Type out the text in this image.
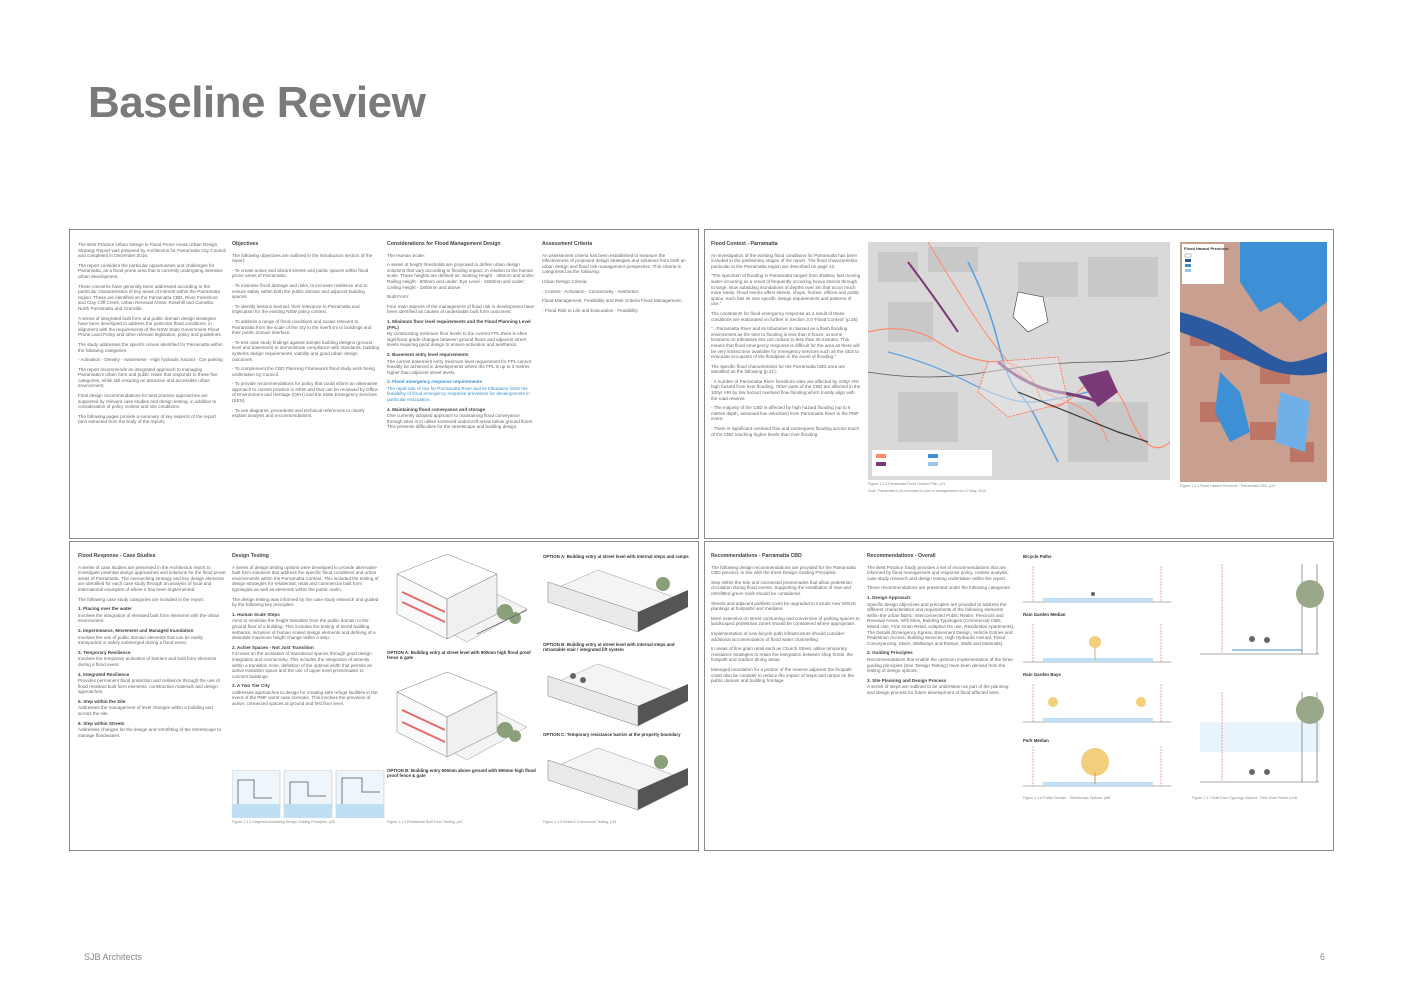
Baseline Review

The Best Practice Urban Design in Flood Prone Areas Urban Design Strategy Report was prepared by Architectus for Parramatta City Council and completed in December 2016.

The report considers the particular opportunities and challenges for Parramatta, as a flood prone area that is currently undergoing intensive urban development.

These concerns have generally been addressed according to the particular characteristics of key areas of interest within the Parramatta region. These are identified as the Parramatta CBD, River Foreshore and Clay Cliff Creek, Urban Renewal Areas, Rosehill and Camellia, North Parramatta and Granville.

A series of integrated built form and public domain design strategies have been developed to address the particular flood conditions, in alignment with the requirements of the NSW State Government Flood Prone Land Policy and other relevant legislation, policy and guidelines.

The study addresses the specific issues identified for Parramatta within the following categories:

- Activation - Density - Awareness - High hydraulic hazard - Car parking

The report recommends an integrated approach to managing Parramatta's urban form and public realm that responds to these five categories, while still ensuring an attractive and accessible urban environment.

Final design recommendations for best practice approaches are supported by relevant case studies and design testing, in addition to consideration of policy context and site conditions.

The following pages provide a summary of key aspects of the report (text extracted from the body of the report).

Objectives

The following objectives are outlined in the introduction section of the report:

- To create active and vibrant streets and public spaces within flood prone areas of Parramatta.

- To minimise flood damage and risks, to increase resilience and to ensure safety within both the public domain and adjacent building spaces.

- To identify lessons learned, their relevance to Parramatta and implication for the existing NSW policy context.

- To address a range of flood conditions and scales relevant to Parramatta from the scale of the city to the riverfront to buildings and their public domain interface.

- To test case study findings against sample building designs (ground-level and basement) to demonstrate compliance with standards, building systems design requirements, viability and good urban design outcomes.

- To complement the CBD Planning Framework flood study work being undertaken by Council.

- To provide recommendations for policy that could inform an alternative approach to current practice in NSW and that can be reviewed by Office of Environment and Heritage (OEH) and the State Emergency Services (SES).

- To use diagrams, precedents and technical references to clearly explain analysis and recommendations.

Considerations for Flood Management Design

The Human Scale:

A series of height thresholds are proposed to define urban design solutions that vary according to flooding impact, in relation to the human scale. These heights are defined as: Seating Height - 450mm and under; Railing Height - 900mm and under; Eye Level - 1500mm and under; Ceiling Height - 1800mm and above

Built Form:

Four main aspects of the management of flood risk in development have been identified as causes of undesirable built form outcomes:

1. Minimum floor level requirements and the Flood Planning Level (FPL)

By constructing minimum floor levels to the current FPL there is often significant grade changes between ground floors and adjacent street levels requiring good design to ensure activation and aesthetics.

2. Basement entry level requirements

The current basement entry minimum level requirement for FPL cannot feasibly be achieved in developments where the FPL is up to 3 metres higher than adjacent street levels.

3. Flood emergency response requirements

The rapid rate of rise for Parramatta River and its tributaries limits the feasibility of flood emergency response provisions for developments in particular evacuation.

4. Maintaining flood conveyance and storage

One currently adopted approach to maintaining flood conveyance through sites is to utilise screened undercroft areas below ground floors. This presents difficulties for the streetscape and building design.

Assessment Criteria

An assessment criteria has been established to measure the effectiveness of proposed design strategies and solutions from both an urban design and flood risk management perspective. This criteria is categorised as the following:

Urban Design Criteria:

- Context - Activation - Connectivity - Aesthetics

Flood Management, Feasibility and Risk Criteria Flood Management:

- Flood Risk to Life and Evacuation - Feasibility

Flood Context - Parramatta

An investigation of the existing flood conditions for Parramatta has been included in the preliminary stages of the report. The flood characteristics particular to the Parramatta region are described on page 12:

"The spectrum of flooding in Parramatta ranges from shallow, fast moving water occurring as a result of frequently occurring heavy storms through to large, slow subsiding inundations of depths over 3m that occur much more rarely. Flood events affect streets, shops, homes, offices and public space, each has its own specific design requirements and patterns of use."

The constraints for flood emergency response as a result of these conditions are elaborated on further in Section 3.0 'Flood Context' (p.25):

"...Parramatta River and its tributaries is classed as a flash flooding environment as the time to flooding is less than 6 hours; at some locations on tributaries this can reduce to less than 30 minutes. This means that flood emergency response is difficult for the area as there will be very limited time available for emergency services such as the SES to evacuate occupants of the floodplain in the event of flooding."

The specific flood characteristics for the Parramatta CBD area are identified as the following (p.21):

- A number of Parramatta River foreshore sites are affected by 100yr ARI high hazard from river flooding. Other parts of the CBD are affected in the 100yr ARI by low hazard overland flow flooding which mostly align with the road reserve.

- The majority of the CBD is affected by high hazard flooding (up to 6 metres depth, assumed low velocities) from Parramatta River in the PMF event.

- There is significant overland flow and consequent flooding across much of the CBD reaching higher levels than river flooding.

Figure 1.1.2 Parramatta Flood Context Plan, p21
Note: Parramatta LGA boundary is prior to amalgamation on 12 May, 2016
Flood Hazard Precincts
Figure 1.1.1 Flood Hazard Precincts - Parramatta CBD, p24
Flood Response - Case Studies

A series of case studies are presented in the Architectus report to investigate potential design approaches and solutions for the flood prone areas of Parramatta. The overarching strategy and key design elements are identified for each case study through an analysis of local and international examples of where it has been implemented.

The following case study categories are included in the report:

1. Placing over the water

Involves the integration of elevated built form elements with the urban environment.

2. Impermeance, Movement and Managed Inundation

Involves the use of public domain elements that can be easily transported or safely submerged during a flood event.

3. Temporary Resilience

Involves the temporary activation of barriers and built form elements during a flood event.

4. Integrated Resilience

Provides permanent flood protection and resilience through the use of flood resistant built form elements, construction materials and design approaches.

5. Step within the Site

Addresses the management of level changes within a building and across the site.

6. Step within Streets

Addresses changes for the design and retrofitting of the streetscape to manage floodwaters.

Design Testing

A series of design testing options were developed to provide alternative built form solutions that address the specific flood conditions and urban environments within the Parramatta Context. This included the testing of design strategies for residential, retail and commercial built form typologies as well as elements within the public realm.

The design testing was informed by the case study research and guided by the following key principles:

1. Human Scale Steps

Aims to minimise the height transition from the public domain to the ground floor of a building. This includes the testing of tiered building setbacks, inclusion of human scaled design elements and defining of a desirable maximum height change within a step.

2. Active Spaces - Not Just Transition

Focuses on the activation of transitional spaces through good design integration and connectivity. This includes the integration of amenity within a transition zone, definition of the optimal width that permits an active transition space and the use of upper level promenades to connect buildings.

3. A Two Tier City

Addresses approaches to design for creating safe refuge facilities in the event of the PMF worst case scenario. This involves the provision of active, connected spaces at ground and first floor level.

Figure 1.1.3 Diagrams illustrating Design Guiding Principles, p30
OPTION A: Building entry at street level with 900mm high flood proof fence & gate
OPTION B: Building entry 600mm above ground with 900mm high flood proof fence & gate
Figure 1.1.4 Residential Built Form Testing, p42
OPTION A: Building entry at street level with internal steps and ramps
OPTION B: Building entry at street level with internal steps and retractable stair / integrated lift system
OPTION C: Temporary resistance barrier at the property boundary
Figure 1.1.5 Retail & Commercial Testing, p43
Recommendations - Parramatta CBD

The following design recommendations are provided for the Parramatta CBD precinct, in line with the three Design Guiding Principles:

Step within the Site and connected promenades that allow pedestrian circulation during flood events. Supporting the installation of new and retrofitted green roofs should be considered.

Streets and adjacent parklets could be upgraded to include new WSUD plantings at footpaths and medians.

More extensive on street consuming and conversion of parking spaces to landscaped pedestrian zones should be considered where appropriate.

Implementation of new bicycle path infrastructure should consider additional accommodation of flood water channelling.

In areas of fine grain retail such as Church Street, utilise temporary resistance strategies to retain the integration between shop fronts, the footpath and outdoor dining areas.

Managed inundation for a portion of the reserve adjacent the footpath could also be consider to reduce the impact of steps and ramps on the public domain and building frontage.

Recommendations - Overall

The Best Practice Study provides a set of recommendations that are informed by flood management and response policy, context analysis, case study research and design testing undertaken within the report.

These recommendations are presented under the following categories:

1. Design Approach:

Specific design objectives and principles are provided to address the different characteristics and requirements of the following elements within the urban fabric: Interconnected Public Realm, Precincts and Renewal Areas, Infill Sites, Building Typologies (Commercial CBD, Mixed Use, Fine Grain Retail, Adaptive Re use, Residential Apartments), The Details (Emergency Egress, Basement Design, Vehicle Entries and Pedestrian Access, Building Services, High Hydraulic Hazard, Flood Conveyancing, Stairs, Walkways and Ramps, Walls and Materials).

2. Guiding Principles

Recommendations that enable the optimum implementation of the three guiding principles (See 'Design Testing') have been derived from the testing of design options.

3. Site Planning and Design Process

A series of steps are outlined to be undertaken as part of the planning and design process for future development of flood affected sites.

Bicycle Paths
Rain Garden Median
Rain Garden Bays
Park Median
Figure 1.1.6 Public Domain - Streetscape Options, p88	Figure 1.1.7 Built Form Typology Options - Fine Grain Retail, p116
SJB Architects	6
